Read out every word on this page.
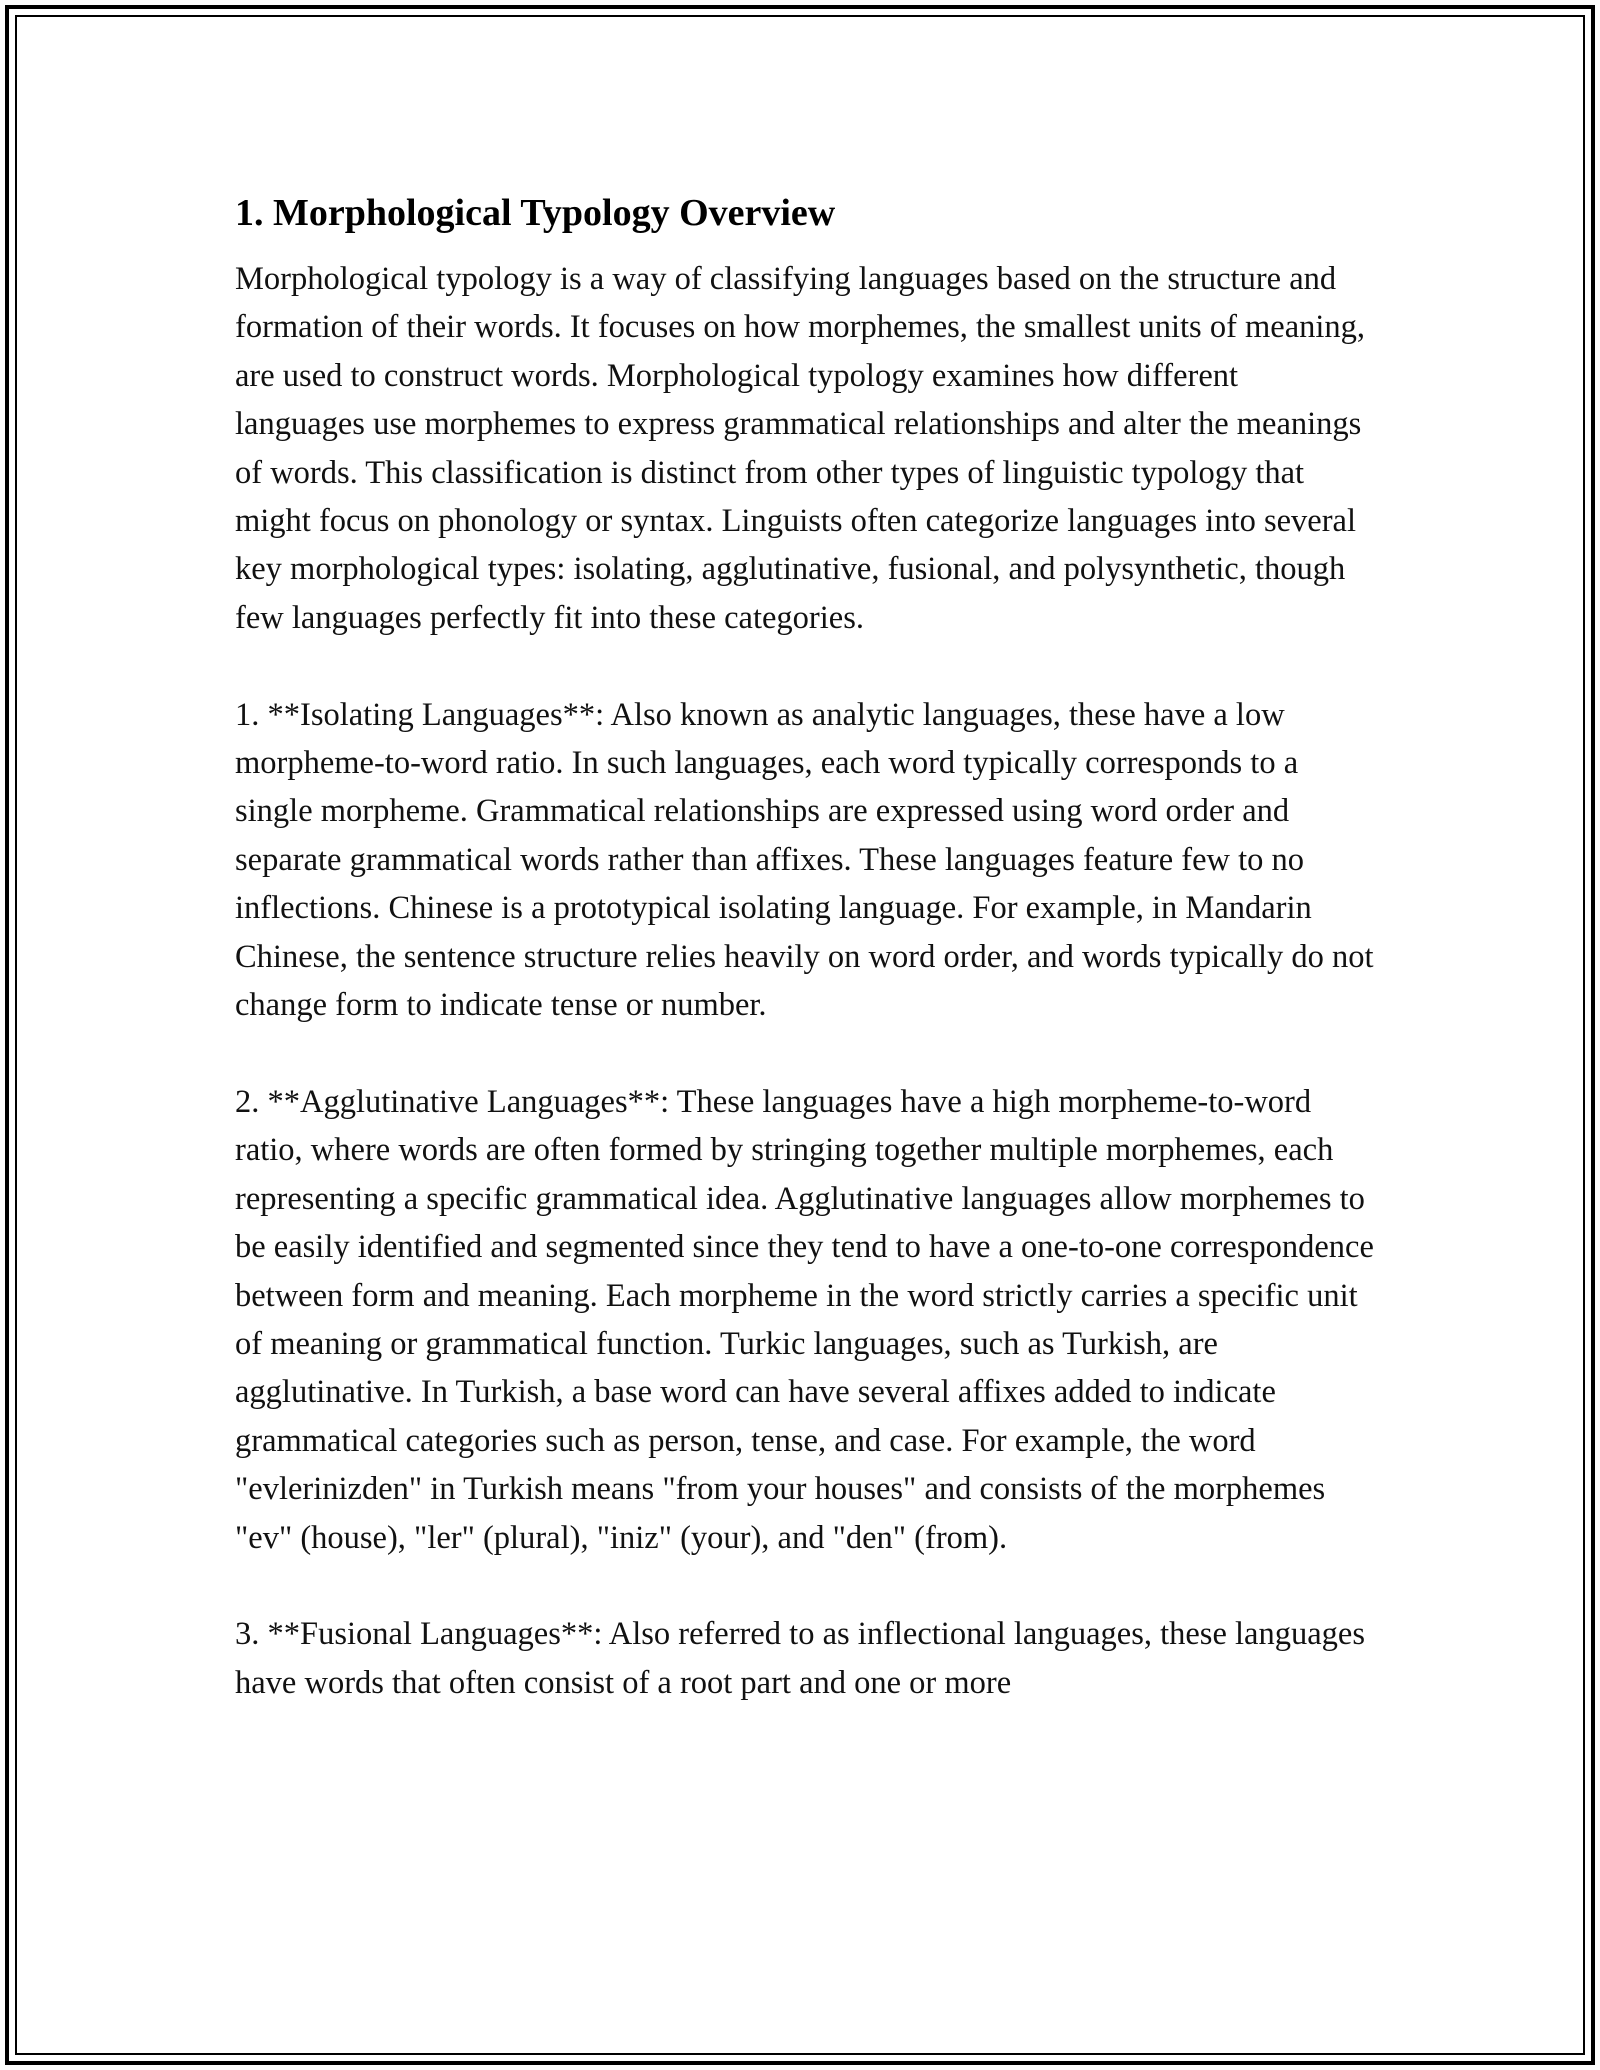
1. Morphological Typology Overview

Morphological typology is a way of classifying languages based on the structure and formation of their words. It focuses on how morphemes, the smallest units of meaning, are used to construct words. Morphological typology examines how different languages use morphemes to express grammatical relationships and alter the meanings of words. This classification is distinct from other types of linguistic typology that might focus on phonology or syntax. Linguists often categorize languages into several key morphological types: isolating, agglutinative, fusional, and polysynthetic, though few languages perfectly fit into these categories.

1. **Isolating Languages**: Also known as analytic languages, these have a low morpheme-to-word ratio. In such languages, each word typically corresponds to a single morpheme. Grammatical relationships are expressed using word order and separate grammatical words rather than affixes. These languages feature few to no inflections. Chinese is a prototypical isolating language. For example, in Mandarin Chinese, the sentence structure relies heavily on word order, and words typically do not change form to indicate tense or number.

2. **Agglutinative Languages**: These languages have a high morpheme-to-word ratio, where words are often formed by stringing together multiple morphemes, each representing a specific grammatical idea. Agglutinative languages allow morphemes to be easily identified and segmented since they tend to have a one-to-one correspondence between form and meaning. Each morpheme in the word strictly carries a specific unit of meaning or grammatical function. Turkic languages, such as Turkish, are agglutinative. In Turkish, a base word can have several affixes added to indicate grammatical categories such as person, tense, and case. For example, the word "evlerinizden" in Turkish means "from your houses" and consists of the morphemes "ev" (house), "ler" (plural), "iniz" (your), and "den" (from).

3. **Fusional Languages**: Also referred to as inflectional languages, these languages have words that often consist of a root part and one or more
